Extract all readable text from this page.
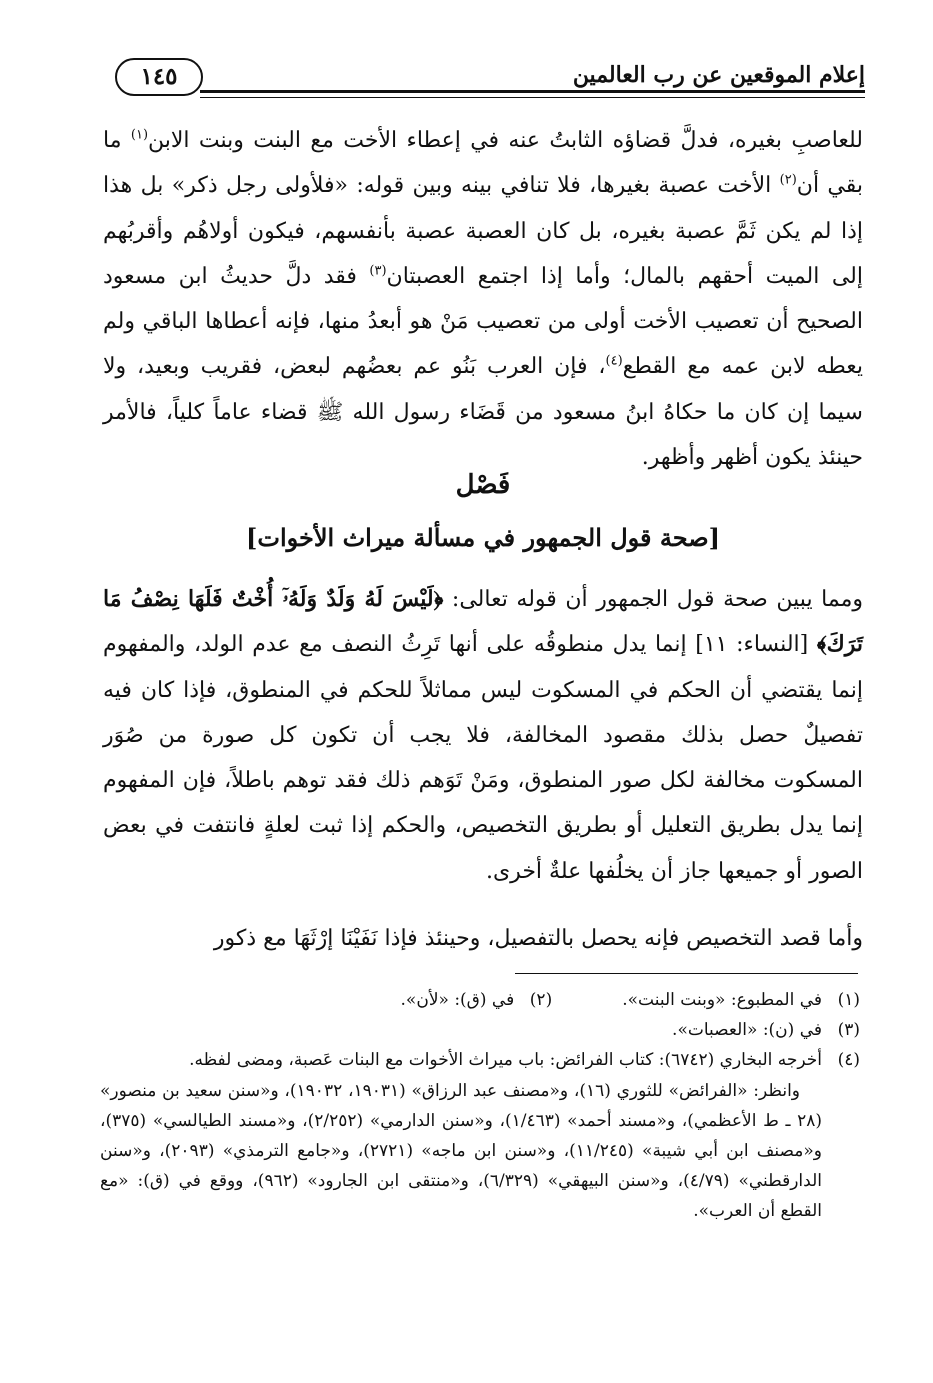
إعلام الموقعين عن رب العالمين
١٤٥
للعاصبِ بغيره، فدلَّ قضاؤه الثابتُ عنه في إعطاء الأخت مع البنت وبنت الابن$^{(١)}$ ما بقي أن$^{(٢)}$ الأخت عصبة بغيرها، فلا تنافي بينه وبين قوله: «فلأولى رجل ذكر» بل هذا إذا لم يكن ثَمَّ عصبة بغيره، بل كان العصبة عصبة بأنفسهم، فيكون أولاهُم وأقربُهم إلى الميت أحقهم بالمال؛ وأما إذا اجتمع العصبتان$^{(٣)}$ فقد دلَّ حديثُ ابن مسعود الصحيح أن تعصيب الأخت أولى من تعصيب مَنْ هو أبعدُ منها، فإنه أعطاها الباقي ولم يعطه لابن عمه مع القطع$^{(٤)}$، فإن العرب بَنُو عم بعضُهم لبعض، فقريب وبعيد، ولا سيما إن كان ما حكاهُ ابنُ مسعود من قَضَاء رسول الله ﷺ قضاء عاماً كلياً، فالأمر حينئذ يكون أظهر وأظهر.
فَصْل
[صحة قول الجمهور في مسألة ميراث الأخوات]
ومما يبين صحة قول الجمهور أن قوله تعالى: ﴿لَيْسَ لَهُ وَلَدٌ وَلَهُۥٓ أُخْتٌ فَلَهَا نِصْفُ مَا تَرَكَ﴾ [النساء: ١١] إنما يدل منطوقُه على أنها تَرِثُ النصف مع عدم الولد، والمفهوم إنما يقتضي أن الحكم في المسكوت ليس مماثلاً للحكم في المنطوق، فإذا كان فيه تفصيلٌ حصل بذلك مقصود المخالفة، فلا يجب أن تكون كل صورة من صُوَر المسكوت مخالفة لكل صور المنطوق، ومَنْ تَوَهم ذلك فقد توهم باطلاً، فإن المفهوم إنما يدل بطريق التعليل أو بطريق التخصيص، والحكم إذا ثبت لعلةٍ فانتفت في بعض الصور أو جميعها جاز أن يخلُفها علةٌ أخرى.
وأما قصد التخصيص فإنه يحصل بالتفصيل، وحينئذ فإذا نَفَيْنَا إرْثَهَا مع ذكور
(١)
في المطبوع: «وبنت البنت».(٢)في (ق): «لأن».
(٣)
في (ن): «العصبات».
(٤)
أخرجه البخاري (٦٧٤٢): كتاب الفرائض: باب ميراث الأخوات مع البنات عَصبة، ومضى لفظه.
وانظر: «الفرائض» للثوري (١٦)، و«مصنف عبد الرزاق» (١٩٠٣١، ١٩٠٣٢)، و«سنن سعيد بن منصور» (٢٨ ـ ط الأعظمي)، و«مسند أحمد» (١/٤٦٣)، و«سنن الدارمي» (٢/٢٥٢)، و«مسند الطيالسي» (٣٧٥)، و«مصنف ابن أبي شيبة» (١١/٢٤٥)، و«سنن ابن ماجه» (٢٧٢١)، و«جامع الترمذي» (٢٠٩٣)، و«سنن الدارقطني» (٤/٧٩)، و«سنن البيهقي» (٦/٣٢٩)، و«منتقى ابن الجارود» (٩٦٢)، ووقع في (ق): «مع القطع أن العرب».
